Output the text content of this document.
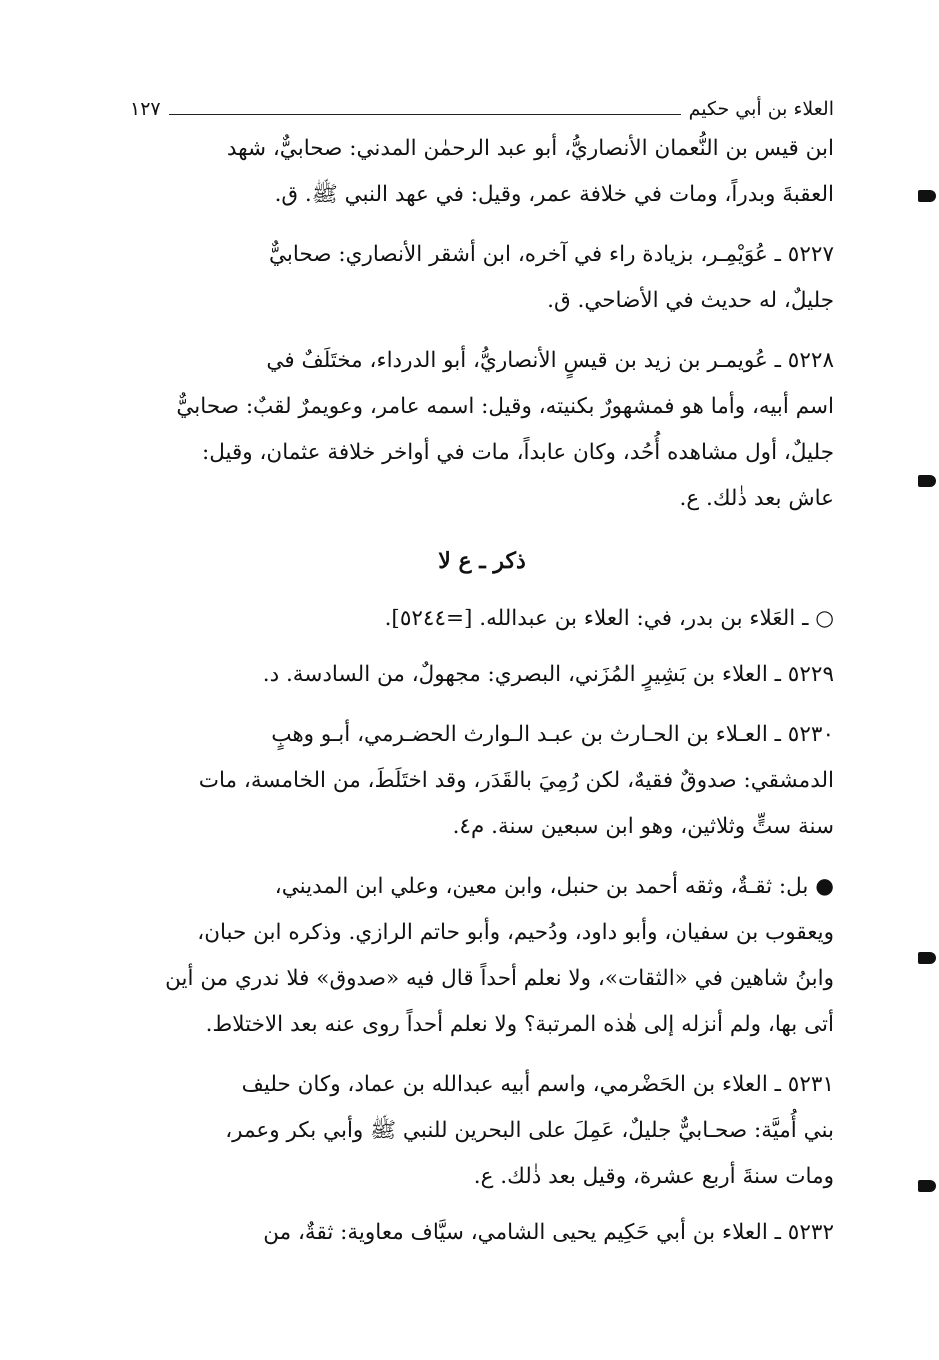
العلاء بن أبي حكيم
١٢٧

ابن قيس بن النُّعمان الأنصاريُّ، أبو عبد الرحمٰن المدني: صحابيٌّ، شهد

العقبةَ وبدراً، ومات في خلافة عمر، وقيل: في عهد النبي ﷺ. ق.

٥٢٢٧ ـ عُوَيْمِـر، بزيادة راء في آخره، ابن أشقر الأنصاري: صحابيٌّ

جليلٌ، له حديث في الأضاحي. ق.

٥٢٢٨ ـ عُويمـر بن زيد بن قيسٍ الأنصاريُّ، أبو الدرداء، مختَلَفٌ في

اسم أبيه، وأما هو فمشهورٌ بكنيته، وقيل: اسمه عامر، وعويمرٌ لقبٌ: صحابيٌّ

جليلٌ، أول مشاهده أُحُد، وكان عابداً، مات في أواخر خلافة عثمان، وقيل:

عاش بعد ذٰلك. ع.

ذكر ـ ع لا

○ ـ العَلاء بن بدر، في: العلاء بن عبدالله. [=٥٢٤٤].

٥٢٢٩ ـ العلاء بن بَشِيرٍ المُزَني، البصري: مجهولٌ، من السادسة. د.

٥٢٣٠ ـ العـلاء بن الحـارث بن عبـد الـوارث الحضـرمي، أبـو وهبٍ

الدمشقي: صدوقٌ فقيهٌ، لكن رُمِيَ بالقَدَر، وقد اختَلَطَ، من الخامسة، مات

سنة ستٍّ وثلاثين، وهو ابن سبعين سنة. م٤.

● بل: ثقـةٌ، وثقه أحمد بن حنبل، وابن معين، وعلي ابن المديني،

ويعقوب بن سفيان، وأبو داود، ودُحيم، وأبو حاتم الرازي. وذكره ابن حبان،

وابنُ شاهين في «الثقات»، ولا نعلم أحداً قال فيه «صدوق» فلا ندري من أين

أتى بها، ولم أنزله إلى هٰذه المرتبة؟ ولا نعلم أحداً روى عنه بعد الاختلاط.

٥٢٣١ ـ العلاء بن الحَضْرمي، واسم أبيه عبدالله بن عماد، وكان حليف

بني أُميَّة: صحـابيٌّ جليلٌ، عَمِلَ على البحرين للنبي ﷺ وأبي بكر وعمر،

ومات سنةَ أربع عشرة، وقيل بعد ذٰلك. ع.

٥٢٣٢ ـ العلاء بن أبي حَكِيم يحيى الشامي، سيَّاف معاوية: ثقةٌ، من
